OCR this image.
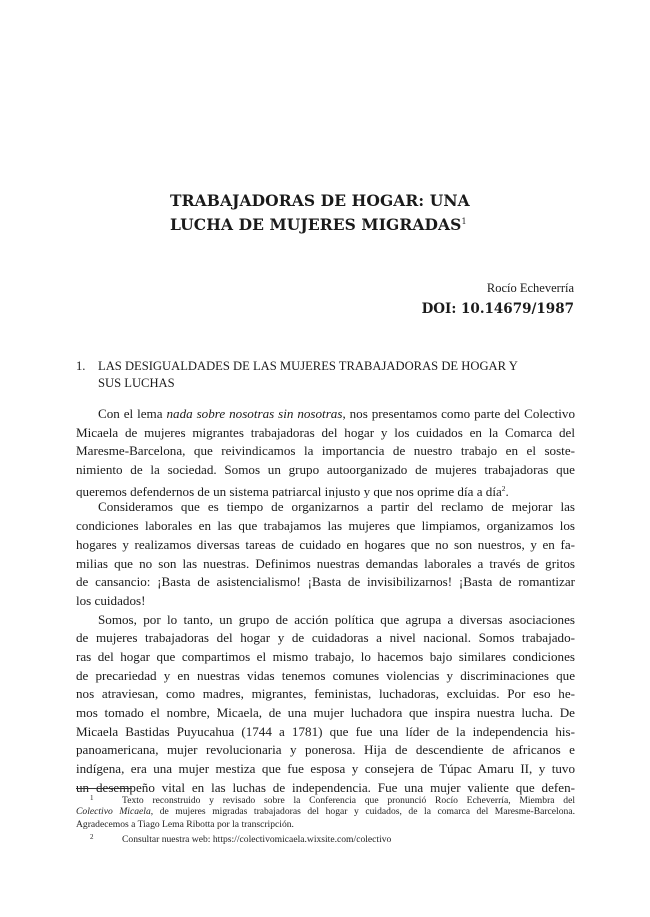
TRABAJADORAS DE HOGAR: UNA
LUCHA DE MUJERES MIGRADAS$^1$
Rocío Echeverría
DOI: 10.14679/1987
1. LAS DESIGUALDADES DE LAS MUJERES TRABAJADORAS DE HOGAR Y
SUS LUCHAS
Con el lema nada sobre nosotras sin nosotras, nos presentamos como parte del Colectivo
Micaela de mujeres migrantes trabajadoras del hogar y los cuidados en la Comarca del
Maresme-Barcelona, que reivindicamos la importancia de nuestro trabajo en el soste-
nimiento de la sociedad. Somos un grupo autoorganizado de mujeres trabajadoras que
queremos defendernos de un sistema patriarcal injusto y que nos oprime día a día$^2$.
Consideramos que es tiempo de organizarnos a partir del reclamo de mejorar las
condiciones laborales en las que trabajamos las mujeres que limpiamos, organizamos los
hogares y realizamos diversas tareas de cuidado en hogares que no son nuestros, y en fa-
milias que no son las nuestras. Definimos nuestras demandas laborales a través de gritos
de cansancio: ¡Basta de asistencialismo! ¡Basta de invisibilizarnos! ¡Basta de romantizar
los cuidados!
Somos, por lo tanto, un grupo de acción política que agrupa a diversas asociaciones
de mujeres trabajadoras del hogar y de cuidadoras a nivel nacional. Somos trabajado-
ras del hogar que compartimos el mismo trabajo, lo hacemos bajo similares condiciones
de precariedad y en nuestras vidas tenemos comunes violencias y discriminaciones que
nos atraviesan, como madres, migrantes, feministas, luchadoras, excluidas. Por eso he-
mos tomado el nombre, Micaela, de una mujer luchadora que inspira nuestra lucha. De
Micaela Bastidas Puyucahua (1744 a 1781) que fue una líder de la independencia his-
panoamericana, mujer revolucionaria y ponerosa. Hija de descendiente de africanos e
indígena, era una mujer mestiza que fue esposa y consejera de Túpac Amaru II, y tuvo
un desempeño vital en las luchas de independencia. Fue una mujer valiente que defen-
1	Texto reconstruido y revisado sobre la Conferencia que pronunció Rocío Echeverría, Miembra del
Colectivo Micaela, de mujeres migradas trabajadoras del hogar y cuidados, de la comarca del Maresme-Barcelona.
Agradecemos a Tiago Lema Ribotta por la transcripción.
2	Consultar nuestra web: https://colectivomicaela.wixsite.com/colectivo
